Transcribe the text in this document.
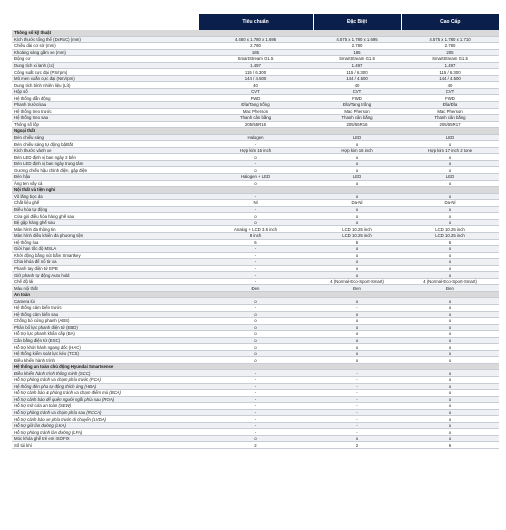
		Tiêu chuẩn	Đặc Biệt	Cao Cấp
Thông số kỹ thuật				
Kích thước tổng thể (DxRxC) (mm)		4.460 x 1.780 x 1.695	4.575 x 1.780 x 1.695	4.575 x 1.780 x 1.710
Chiều dài cơ sở (mm)		2.780	2.780	2.780
Khoảng sáng gầm xe (mm)		185	185	205
Động cơ		SmartStream G1.5	SmartStream G1.5	SmartStream G1.5
Dung tích xi lanh (cc)		1.497	1.497	1.497
Công suất cực đại (PS/rpm)		115 / 6.300	115 / 6.300	115 / 6.300
Mô men xoắn cực đại (Nm/rpm)		144 / 4.500	144 / 4.500	144 / 4.500
Dung tích bình nhiên liệu (Lít)		40	40	40
Hộp số		CVT	CVT	CVT
Hệ thống dẫn động		FWD	FWD	FWD
Phanh trước/sau		Đĩa/Tang trống	Đĩa/Tang trống	Đĩa/Đĩa
Hệ thống treo trước		Mac Pherson	Mac Pherson	Mac Pherson
Hệ thống treo sau		Thanh cân bằng	Thanh cân bằng	Thanh cân bằng
Thông số lốp		205/55R16	205/55R16	205/55R17
Ngoại thất				
Đèn chiếu sáng		Halogen	LED	LED
Đèn chiếu sáng tự động bật/tắt		-	o	o
Kích thước vành xe		Hợp kim 16 inch	Hợp kim 16 inch	Hợp kim 17 inch 2 tone
Đèn LED định vị ban ngày 2 bên		o	o	o
Đèn LED định vị ban ngày trung tâm		-	o	o
Gương chiếu hậu chỉnh điện, gập điện		o	o	o
Đèn hậu		Halogen + LED	LED	LED
Ăng ten vây cá		o	o	o
Nội thất và tiện nghi				
Vô lăng bọc da		-	o	o
Chất liệu ghế		Nỉ	Da-Nỉ	Da-Nỉ
Điều hòa tự động		-	o	o
Cửa gió điều hòa hàng ghế sau		o	o	o
Bệ gập hàng ghế sau		o	o	o
Màn hình đa thông tin		Analog + LCD 3.5 inch	LCD 10.25 inch	LCD 10.25 inch
Màn hình điều khiển đa phương tiện		8 inch	LCD 10.25 inch	LCD 10.25 inch
Hệ thống loa		6	6	6
Giới hạn tốc độ MSLA		-	o	o
Khởi động bằng nút bấm Smartkey		-	o	o
Chìa khóa để nổ từ xa		-	o	o
Phanh tay điện tử EPB		-	o	o
Giữ phanh tự động Auto hold		-	o	o
Chế độ lái		-	4 (Normal-Eco-Sport-Smart)	4 (Normal-Eco-Sport-Smart)
Màu nội thất		Đen	Đen	Đen
An toàn				
Camera lùi		o	o	o
Hệ thống cảm biến trước		-	-	o
Hệ thống cảm biến sau		o	o	o
Chống bó cứng phanh (ABS)		o	o	o
Phân bổ lực phanh điện tử (EBD)		o	o	o
Hỗ trợ lực phanh khẩn cấp (BA)		o	o	o
Cân bằng điện tử (ESC)		o	o	o
Hỗ trợ khởi hành ngang dốc (HAC)		o	o	o
Hệ thống kiểm soát lực kéo (TCS)		o	o	o
Điều khiển hành trình		o	o	o
Hệ thống an toàn chủ động Hyundai Smartsense				
Điều khiển hành trình thông minh (SCC)		-	-	o
Hỗ trợ phòng tránh va chạm phía trước (FCA)		-	-	o
Hệ thống đèn pha tự động thích ứng (HBA)		-	-	o
Hỗ trợ cảnh báo & phòng tránh va chạm điểm mù (BCA)		-	-	o
Hỗ trợ cảnh báo để quên người ngồi phía sau (ROA)		-	-	o
Hỗ trợ mở cửa an toàn (SEW)		-	-	o
Hỗ trợ phòng tránh va chạm phía sau (RCCA)		-	-	o
Hỗ trợ cảnh báo xe phía trước di chuyển (LVDA)		-	-	o
Hỗ trợ giữ làn đường (LKA)		-	-	o
Hỗ trợ phòng tránh làn đường (LFA)		-	-	o
Móc khóa ghế trẻ em ISOFIX		o	o	o
Số túi khí		2	2	6
